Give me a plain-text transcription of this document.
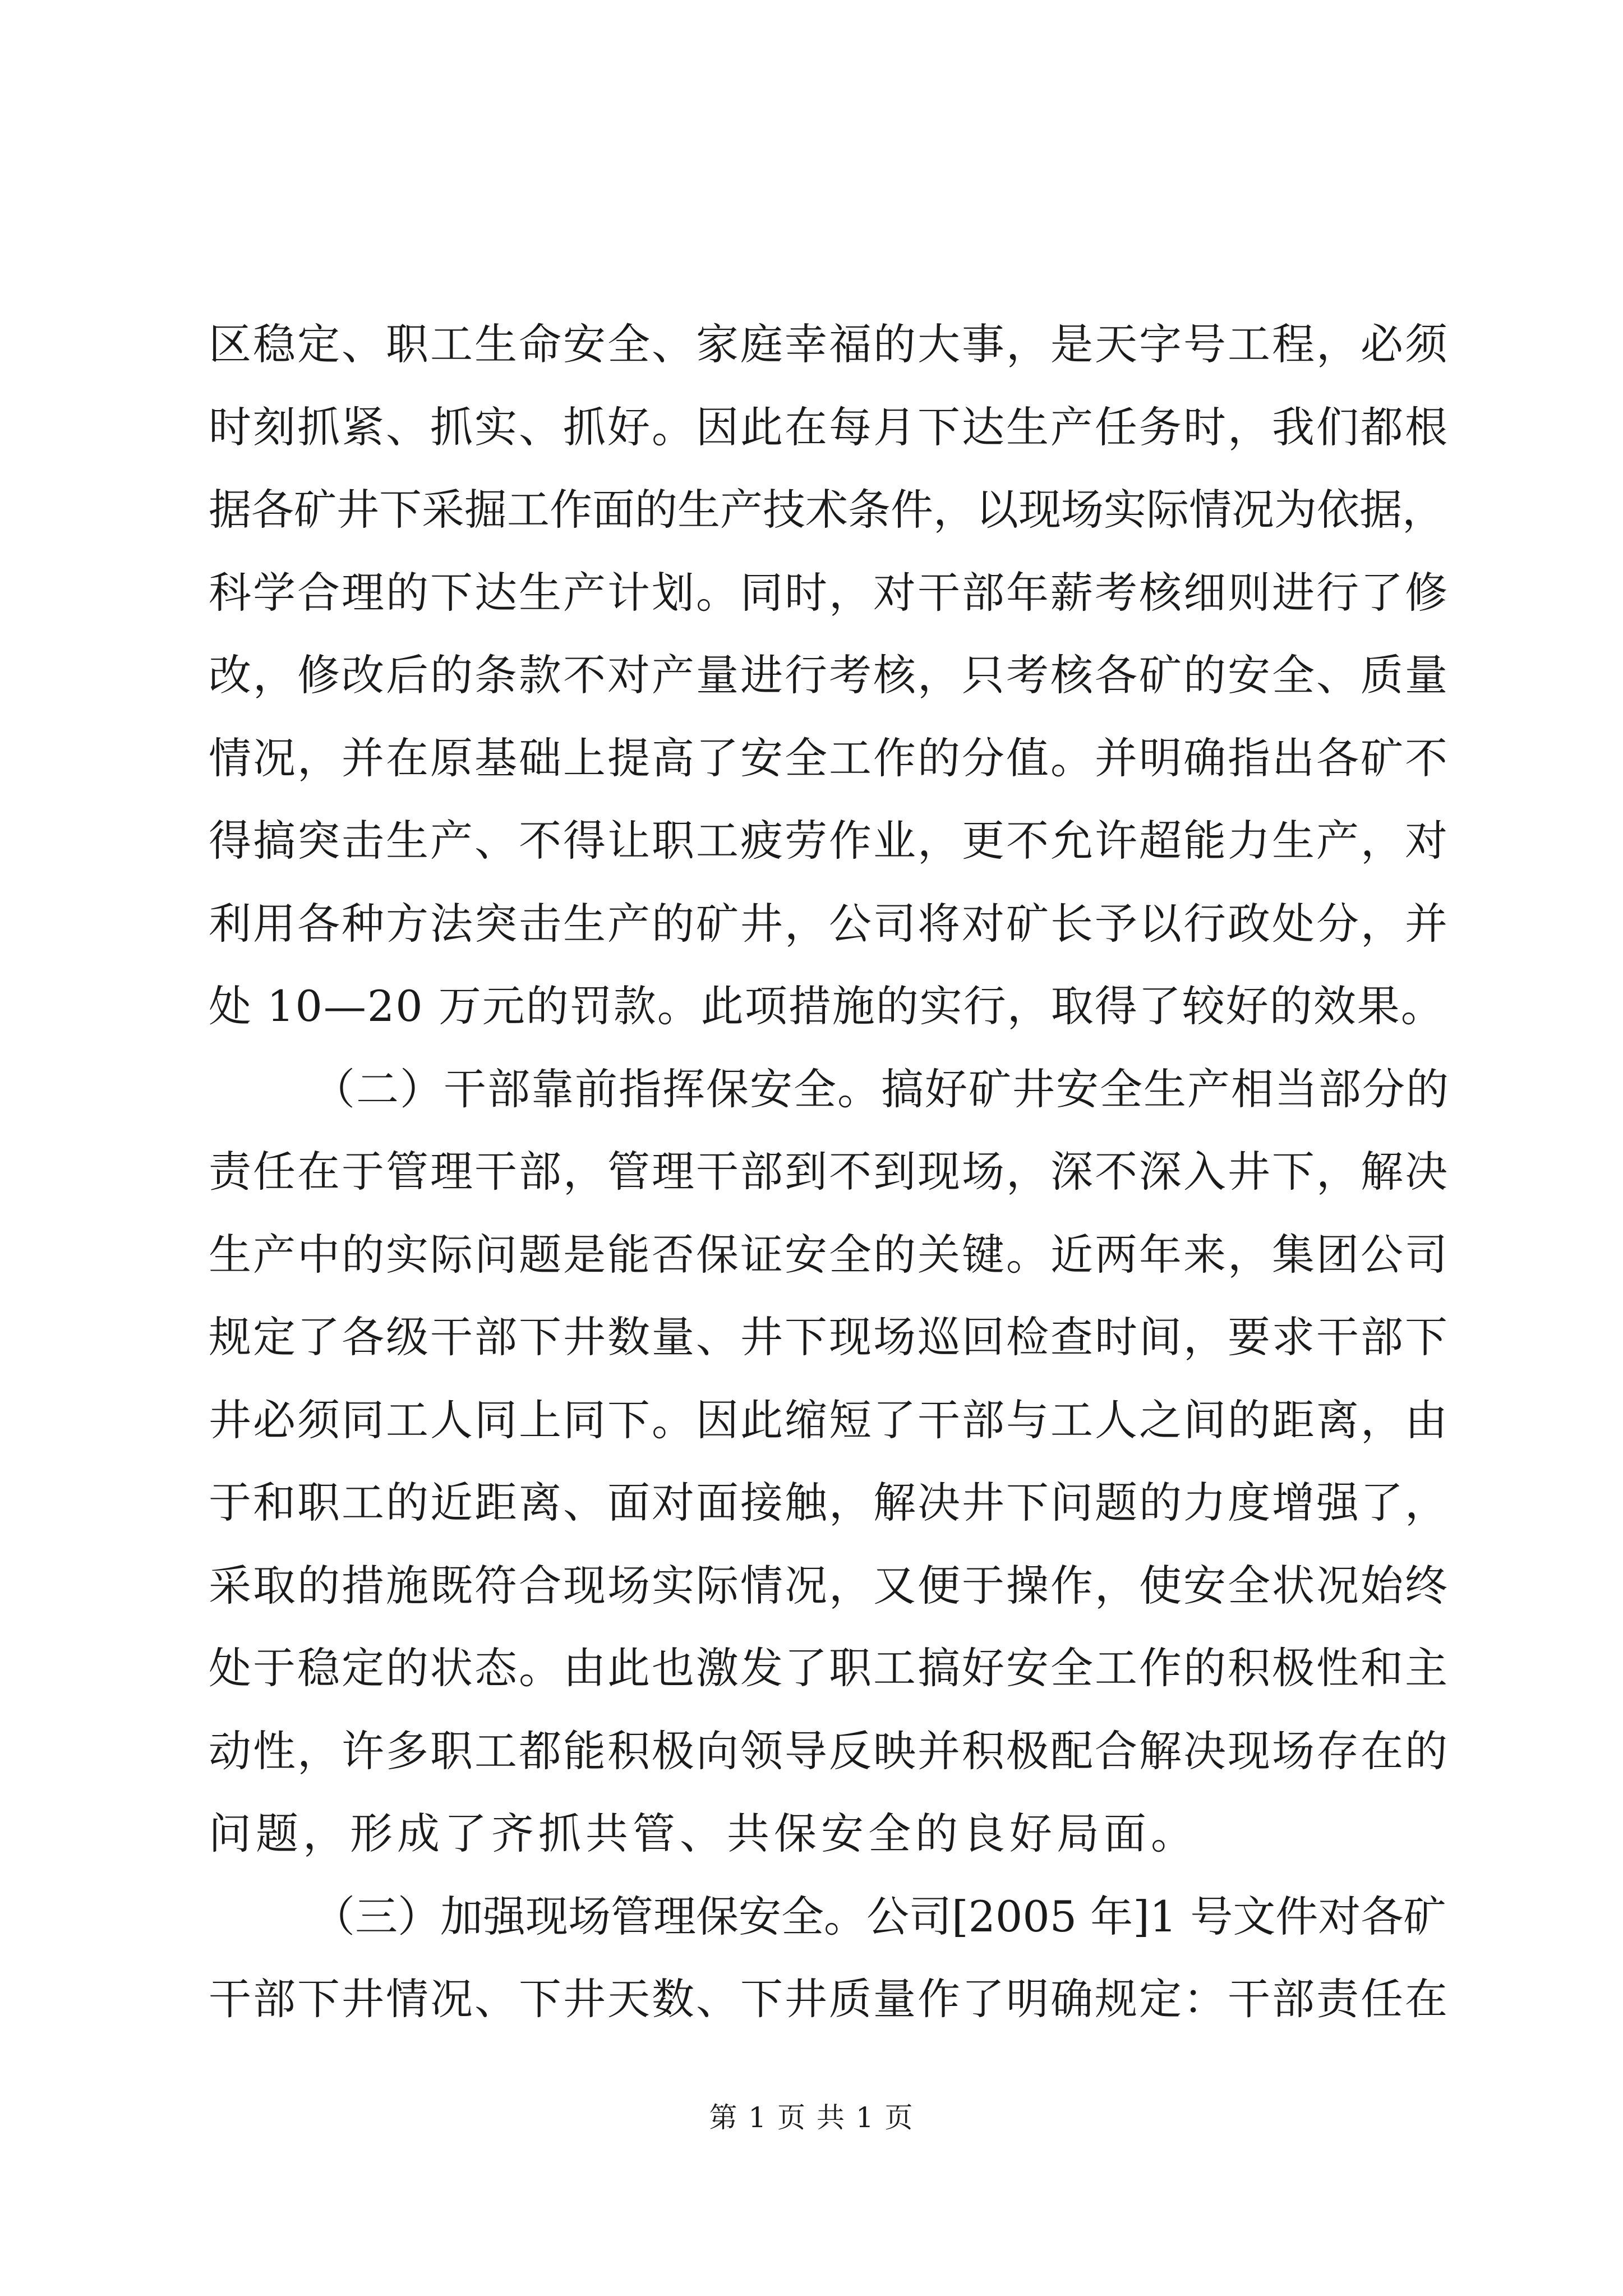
区稳定、职工生命安全、家庭幸福的大事，是天字号工程，必须
时刻抓紧、抓实、抓好。因此在每月下达生产任务时，我们都根
据各矿井下采掘工作面的生产技术条件，以现场实际情况为依据，
科学合理的下达生产计划。同时，对干部年薪考核细则进行了修
改，修改后的条款不对产量进行考核，只考核各矿的安全、质量
情况，并在原基础上提高了安全工作的分值。并明确指出各矿不
得搞突击生产、不得让职工疲劳作业，更不允许超能力生产，对
利用各种方法突击生产的矿井，公司将对矿长予以行政处分，并
处 10—20 万元的罚款。此项措施的实行，取得了较好的效果。
（二）干部靠前指挥保安全。搞好矿井安全生产相当部分的
责任在于管理干部，管理干部到不到现场，深不深入井下，解决
生产中的实际问题是能否保证安全的关键。近两年来，集团公司
规定了各级干部下井数量、井下现场巡回检查时间，要求干部下
井必须同工人同上同下。因此缩短了干部与工人之间的距离，由
于和职工的近距离、面对面接触，解决井下问题的力度增强了，
采取的措施既符合现场实际情况，又便于操作，使安全状况始终
处于稳定的状态。由此也激发了职工搞好安全工作的积极性和主
动性，许多职工都能积极向领导反映并积极配合解决现场存在的
问题，形成了齐抓共管、共保安全的良好局面。
（三）加强现场管理保安全。公司[2005 年]1 号文件对各矿
干部下井情况、下井天数、下井质量作了明确规定：干部责任在
第 1 页 共 1 页
